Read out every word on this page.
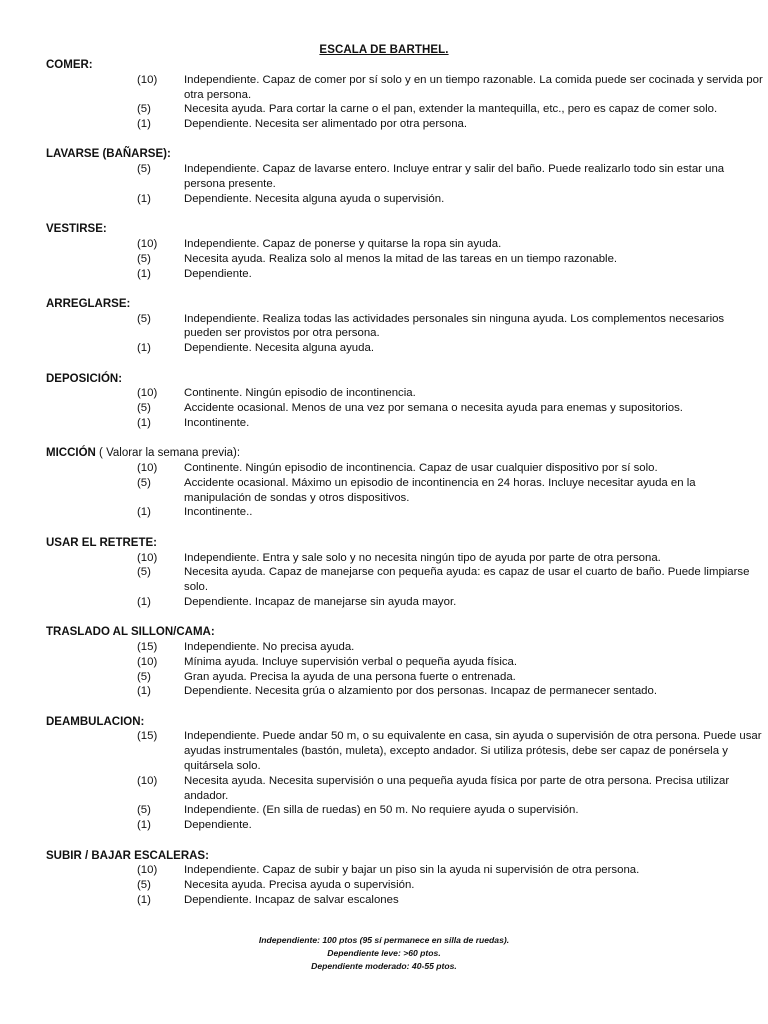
ESCALA DE BARTHEL.
COMER:
(10) Independiente. Capaz de comer por sí solo y en un tiempo razonable. La comida puede ser cocinada y servida por otra persona.
(5)	Necesita ayuda. Para cortar la carne o el pan, extender la mantequilla, etc., pero es capaz de comer solo.
(1)	Dependiente. Necesita ser alimentado por otra persona.
LAVARSE (BAÑARSE):
(5)	Independiente. Capaz de lavarse entero. Incluye entrar y salir del baño. Puede realizarlo todo sin estar una persona presente.
(1)	Dependiente. Necesita alguna ayuda o supervisión.
VESTIRSE:
(10) Independiente. Capaz de ponerse y quitarse la ropa sin ayuda.
(5)	Necesita ayuda. Realiza solo al menos la mitad de las tareas en un tiempo razonable.
(1)	Dependiente.
ARREGLARSE:
(5)	Independiente. Realiza todas las actividades personales sin ninguna ayuda. Los complementos necesarios pueden ser provistos por otra persona.
(1)	Dependiente. Necesita alguna ayuda.
DEPOSICIÓN:
(10) Continente. Ningún episodio de incontinencia.
(5)	Accidente ocasional. Menos de una vez por semana o necesita ayuda para enemas y supositorios.
(1)	Incontinente.
MICCIÓN ( Valorar la semana previa):
(10) Continente. Ningún episodio de incontinencia. Capaz de usar cualquier dispositivo por sí solo.
(5)	Accidente ocasional. Máximo un episodio de incontinencia en 24 horas. Incluye necesitar ayuda en la manipulación de sondas y otros dispositivos.
(1)	Incontinente..
USAR EL RETRETE:
(10) Independiente. Entra y sale solo y no necesita ningún tipo de ayuda por parte de otra persona.
(5)	Necesita ayuda. Capaz de manejarse con pequeña ayuda: es capaz de usar el cuarto de baño. Puede limpiarse solo.
(1)	Dependiente. Incapaz de manejarse sin ayuda mayor.
TRASLADO AL SILLON/CAMA:
(15) Independiente. No precisa ayuda.
(10) Mínima ayuda. Incluye supervisión verbal o pequeña ayuda física.
(5)	Gran ayuda. Precisa la ayuda de una persona fuerte o entrenada.
(1)	Dependiente. Necesita grúa o alzamiento por dos personas. Incapaz de permanecer sentado.
DEAMBULACION:
(15) Independiente. Puede andar 50 m, o su equivalente en casa, sin ayuda o supervisión de otra persona. Puede usar ayudas instrumentales (bastón, muleta), excepto andador. Si utiliza prótesis, debe ser capaz de ponérsela y quitársela solo.
(10) Necesita ayuda. Necesita supervisión o una pequeña ayuda física por parte de otra persona. Precisa utilizar andador.
(5)	Independiente. (En silla de ruedas) en 50 m. No requiere ayuda o supervisión.
(1)	Dependiente.
SUBIR / BAJAR ESCALERAS:
(10) Independiente. Capaz de subir y bajar un piso sin la ayuda ni supervisión de otra persona.
(5)	Necesita ayuda. Precisa ayuda o supervisión.
(1)	Dependiente. Incapaz de salvar escalones
Independiente: 100 ptos (95 sí permanece en silla de ruedas).
Dependiente leve: >60 ptos.
Dependiente moderado: 40-55 ptos.
